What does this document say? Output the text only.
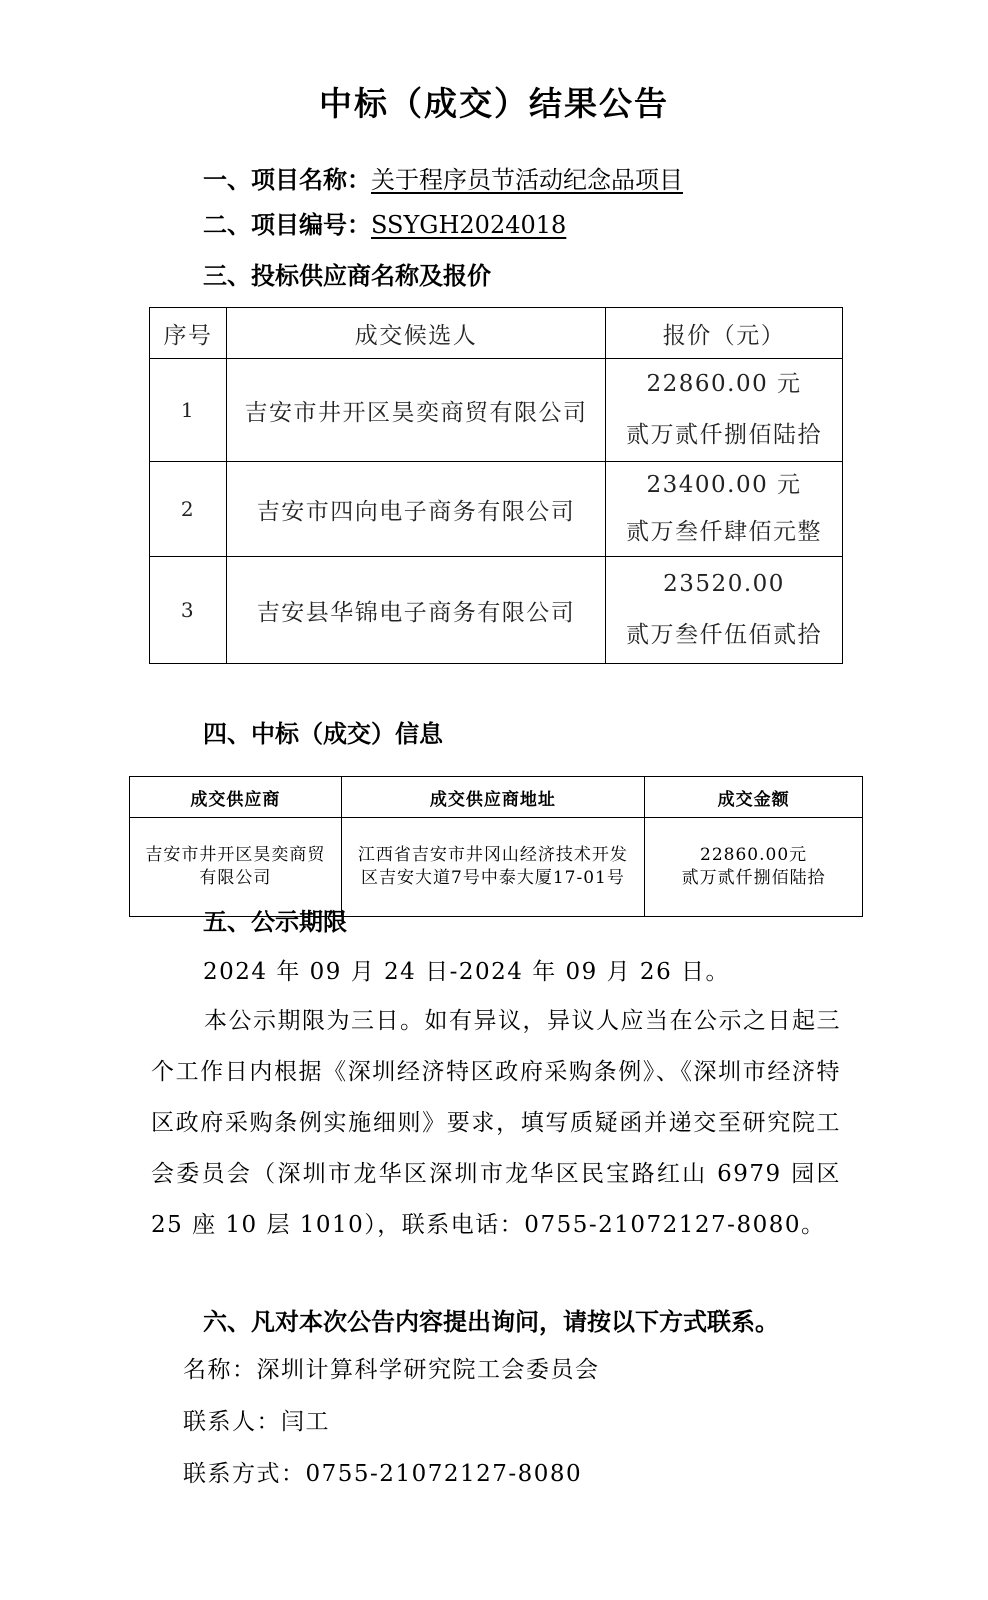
中标（成交）结果公告
一、项目名称：关于程序员节活动纪念品项目
二、项目编号：SSYGH2024018
三、投标供应商名称及报价
序号	成交候选人	报价（元）
1	吉安市井开区昊奕商贸有限公司	22860.00 元
贰万贰仟捌佰陆拾

2	吉安市四向电子商务有限公司	23400.00 元
贰万叁仟肆佰元整

3	吉安县华锦电子商务有限公司	23520.00
贰万叁仟伍佰贰拾
四、中标（成交）信息
成交供应商	成交供应商地址	成交金额
吉安市井开区昊奕商贸有限公司	江西省吉安市井冈山经济技术开发区吉安大道7号中泰大厦17-01号	22860.00元
贰万贰仟捌佰陆拾
五、公示期限
2024 年 09 月 24 日-2024 年 09 月 26 日。
本公示期限为三日。如有异议，异议人应当在公示之日起三个工作日内根据《深圳经济特区政府采购条例》、《深圳市经济特区政府采购条例实施细则》要求，填写质疑函并递交至研究院工会委员会（深圳市龙华区深圳市龙华区民宝路红山 6979 园区 25 座 10 层 1010），联系电话：0755-21072127-8080。
六、凡对本次公告内容提出询问，请按以下方式联系。
名称：深圳计算科学研究院工会委员会
联系人：闫工
联系方式：0755-21072127-8080
